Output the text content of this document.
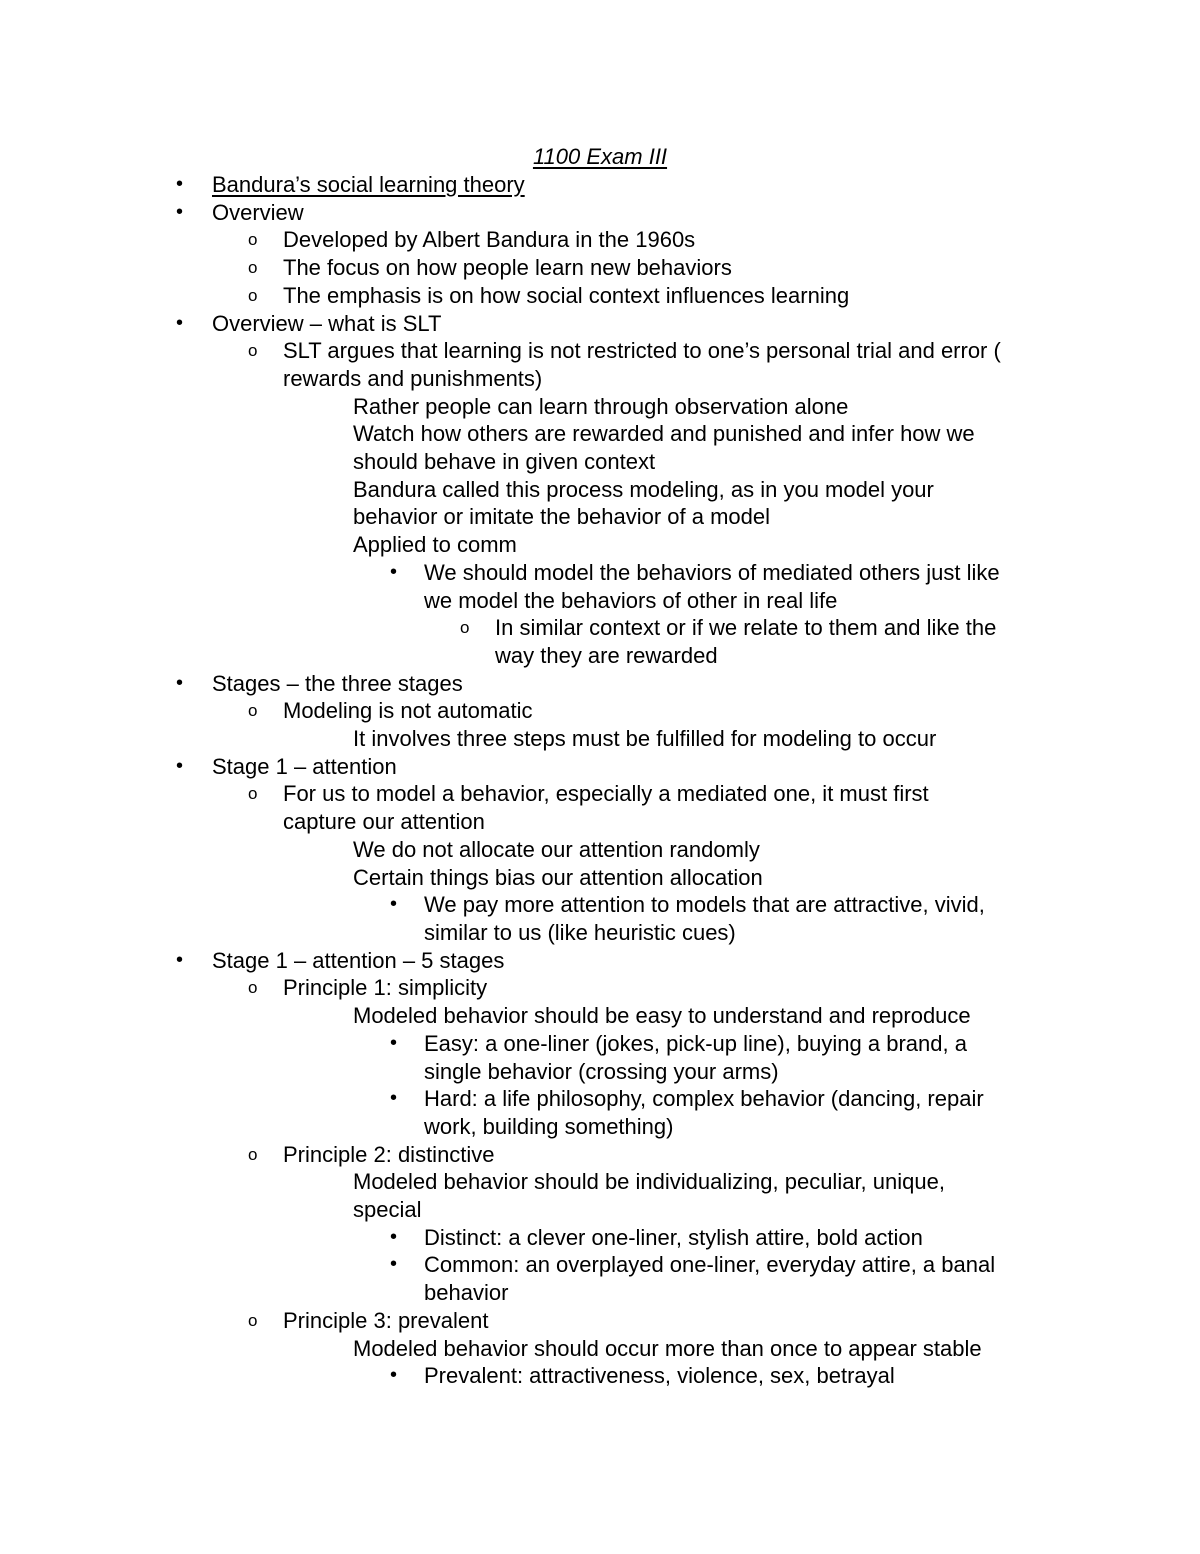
1100 Exam III
• Bandura’s social learning theory
• Overview
o Developed by Albert Bandura in the 1960s
o The focus on how people learn new behaviors
o The emphasis is on how social context influences learning
• Overview – what is SLT
o SLT argues that learning is not restricted to one’s personal trial and error (
rewards and punishments)
Rather people can learn through observation alone
Watch how others are rewarded and punished and infer how we
should behave in given context
Bandura called this process modeling, as in you model your
behavior or imitate the behavior of a model
Applied to comm
• We should model the behaviors of mediated others just like
we model the behaviors of other in real life
o In similar context or if we relate to them and like the
way they are rewarded
• Stages – the three stages
o Modeling is not automatic
It involves three steps must be fulfilled for modeling to occur
• Stage 1 – attention
o For us to model a behavior, especially a mediated one, it must first
capture our attention
We do not allocate our attention randomly
Certain things bias our attention allocation
• We pay more attention to models that are attractive, vivid,
similar to us (like heuristic cues)
• Stage 1 – attention – 5 stages
o Principle 1: simplicity
Modeled behavior should be easy to understand and reproduce
• Easy: a one-liner (jokes, pick-up line), buying a brand, a
single behavior (crossing your arms)
• Hard: a life philosophy, complex behavior (dancing, repair
work, building something)
o Principle 2: distinctive
Modeled behavior should be individualizing, peculiar, unique,
special
• Distinct: a clever one-liner, stylish attire, bold action
• Common: an overplayed one-liner, everyday attire, a banal
behavior
o Principle 3: prevalent
Modeled behavior should occur more than once to appear stable
• Prevalent: attractiveness, violence, sex, betrayal
